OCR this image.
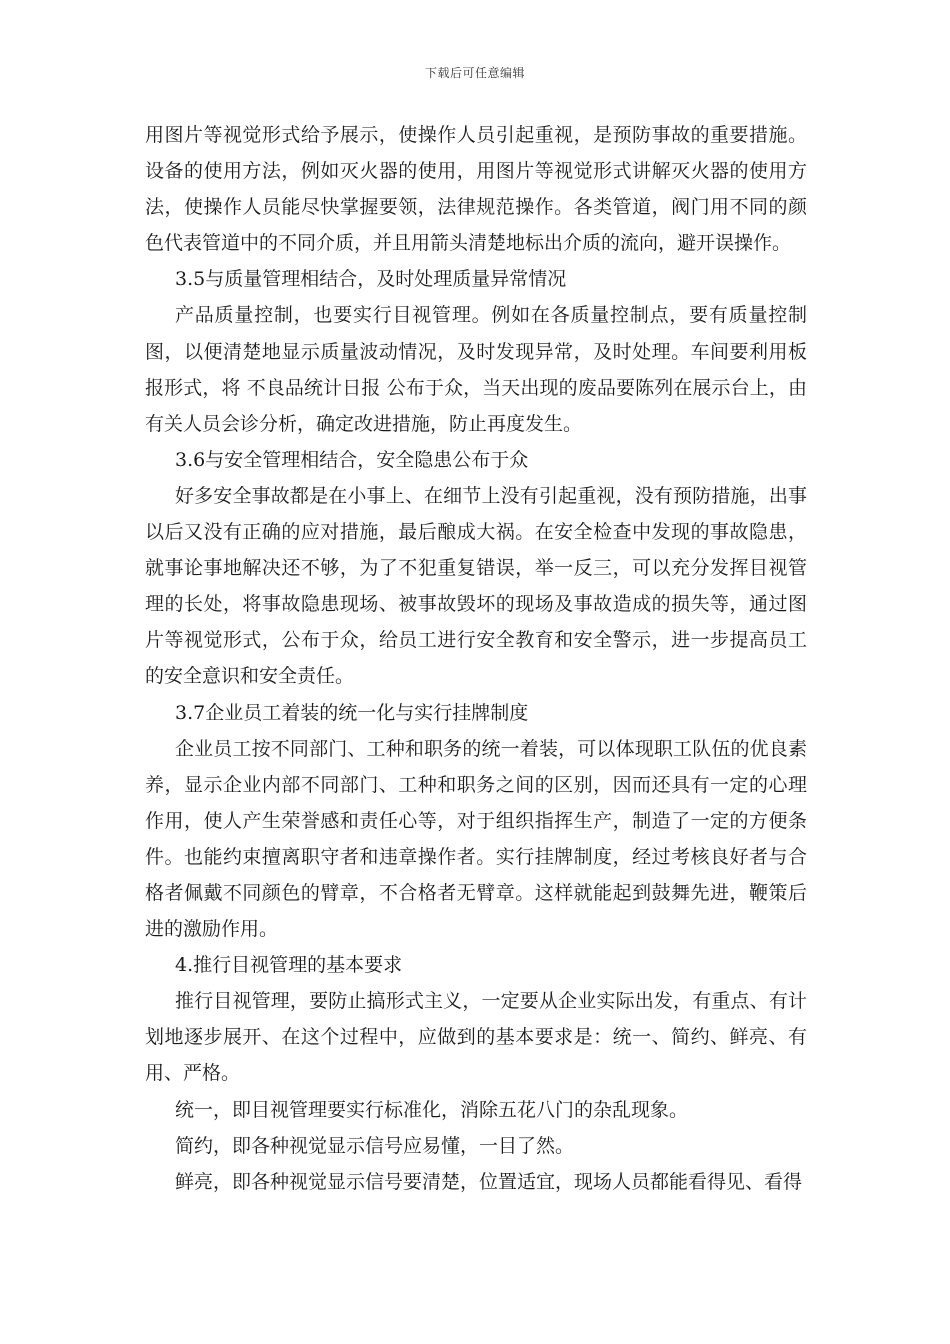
下载后可任意编辑

用图片等视觉形式给予展示，使操作人员引起重视，是预防事故的重要措施。设备的使用方法，例如灭火器的使用，用图片等视觉形式讲解灭火器的使用方法，使操作人员能尽快掌握要领，法律规范操作。各类管道，阀门用不同的颜色代表管道中的不同介质，并且用箭头清楚地标出介质的流向，避开误操作。

3.5与质量管理相结合，及时处理质量异常情况

产品质量控制，也要实行目视管理。例如在各质量控制点，要有质量控制图，以便清楚地显示质量波动情况，及时发现异常，及时处理。车间要利用板报形式，将 不良品统计日报 公布于众，当天出现的废品要陈列在展示台上，由有关人员会诊分析，确定改进措施，防止再度发生。

3.6与安全管理相结合，安全隐患公布于众

好多安全事故都是在小事上、在细节上没有引起重视，没有预防措施，出事以后又没有正确的应对措施，最后酿成大祸。在安全检查中发现的事故隐患，就事论事地解决还不够，为了不犯重复错误，举一反三，可以充分发挥目视管理的长处，将事故隐患现场、被事故毁坏的现场及事故造成的损失等，通过图片等视觉形式，公布于众，给员工进行安全教育和安全警示，进一步提高员工的安全意识和安全责任。

3.7企业员工着装的统一化与实行挂牌制度

企业员工按不同部门、工种和职务的统一着装，可以体现职工队伍的优良素养，显示企业内部不同部门、工种和职务之间的区别，因而还具有一定的心理作用，使人产生荣誉感和责任心等，对于组织指挥生产，制造了一定的方便条件。也能约束擅离职守者和违章操作者。实行挂牌制度，经过考核良好者与合格者佩戴不同颜色的臂章，不合格者无臂章。这样就能起到鼓舞先进，鞭策后进的激励作用。

4.推行目视管理的基本要求

推行目视管理，要防止搞形式主义，一定要从企业实际出发，有重点、有计划地逐步展开、在这个过程中，应做到的基本要求是：统一、简约、鲜亮、有用、严格。

统一，即目视管理要实行标准化，消除五花八门的杂乱现象。

简约，即各种视觉显示信号应易懂，一目了然。

鲜亮，即各种视觉显示信号要清楚，位置适宜，现场人员都能看得见、看得
